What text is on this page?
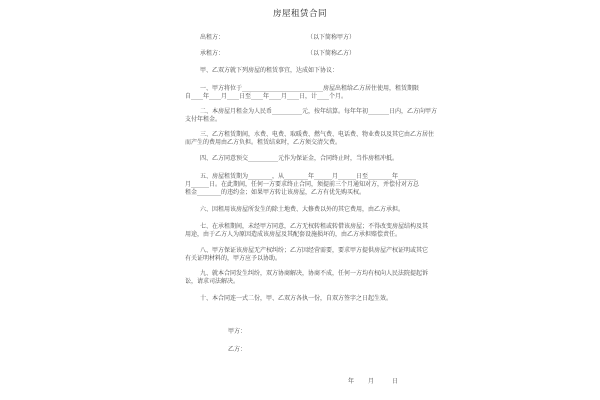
房屋租赁合同
出租方：	（以下简称甲方）
承租方：	（以下简称乙方）
甲、乙双方就下列房屋的租赁事宜，达成如下协议：
一、甲方将位于___________________________房屋出租给乙方居住使用，租赁期限
自____年____月____日至____年____月____日，计____个月。
二、本房屋月租金为人民币__________元，按年结算。每年年初_______日内，乙方向甲方
支付年租金。
三、乙方租赁期间，水费、电费、取暖费、燃气费、电话费、物业费以及其它由乙方居住
而产生的费用由乙方负担。租赁结束时，乙方须交清欠费。
四、乙方同意预交__________元作为保证金，合同终止时，当作房租冲抵。
五、房屋租赁期为________，从________年______月______日至________年______
月______日。在此期间，任何一方要求终止合同，须提前三个月通知对方，并偿付对方总
租金________的违约金；如果甲方转让该房屋，乙方有优先购买权。
六、因租用该房屋所发生的除土地费、大修费以外的其它费用，由乙方承担。
七、在承租期间，未经甲方同意，乙方无权转租或转借该房屋；不得改变房屋结构及其
用途，由于乙方人为原因造成该房屋及其配套设施损坏的，由乙方承担赔偿责任。
八、甲方保证该房屋无产权纠纷；乙方因经营需要，要求甲方提供房屋产权证明或其它
有关证明材料的，甲方应予以协助。
九、就本合同发生纠纷，双方协商解决，协商不成，任何一方均有权向人民法院提起诉
讼，请求司法解决。
十、本合同连一式二份，甲、乙双方各执一份，自双方签字之日起生效。
甲方：
乙方：
年 月	日
